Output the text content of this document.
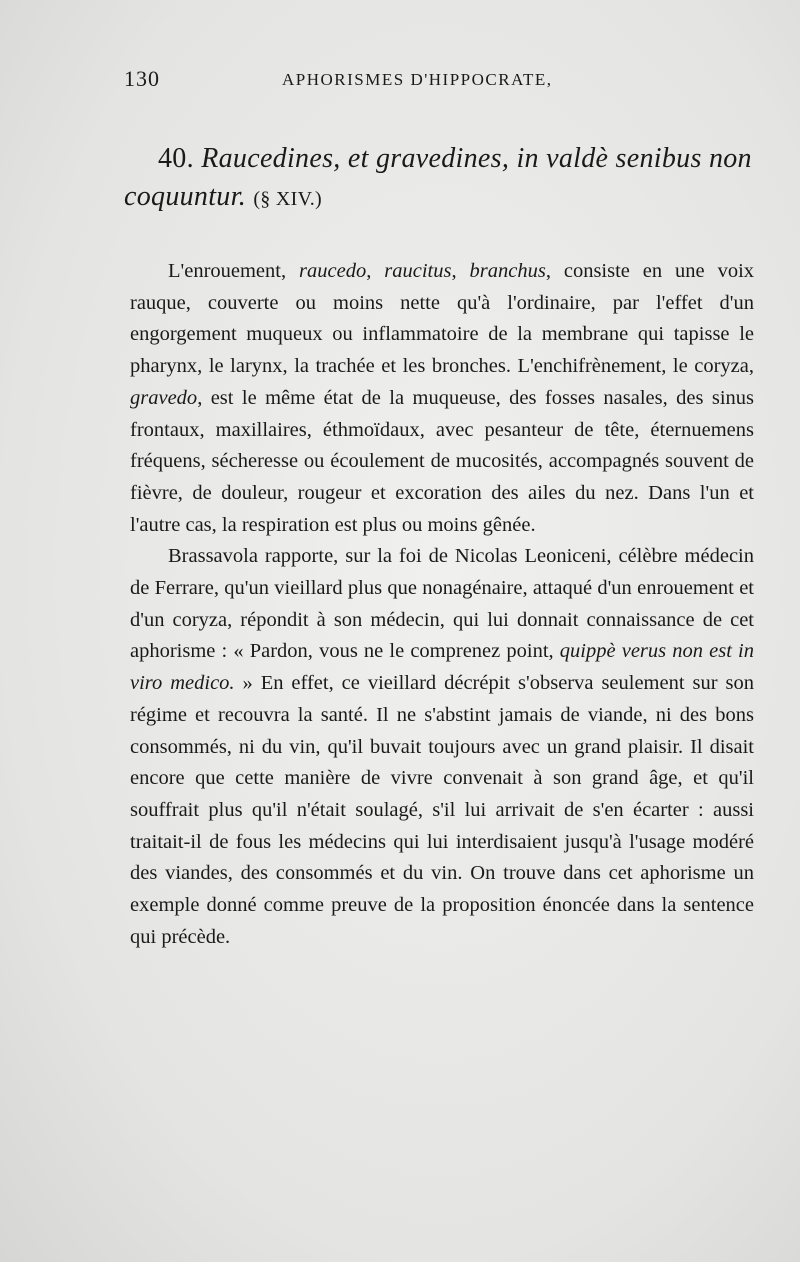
130	APHORISMES D'HIPPOCRATE,
40. Raucedines, et gravedines, in valdè senibus non coquuntur. (§ XIV.)

L'enrouement, raucedo, raucitus, branchus, consiste en une voix rauque, couverte ou moins nette qu'à l'ordinaire, par l'effet d'un engorgement muqueux ou inflammatoire de la membrane qui tapisse le pharynx, le larynx, la trachée et les bronches. L'enchifrènement, le coryza, gravedo, est le même état de la muqueuse, des fosses nasales, des sinus frontaux, maxillaires, éthmoïdaux, avec pesanteur de tête, éternuemens fréquens, sécheresse ou écoulement de mucosités, accompagnés souvent de fièvre, de douleur, rougeur et excoration des ailes du nez. Dans l'un et l'autre cas, la respiration est plus ou moins gênée.

Brassavola rapporte, sur la foi de Nicolas Leoniceni, célèbre médecin de Ferrare, qu'un vieillard plus que nonagénaire, attaqué d'un enrouement et d'un coryza, répondit à son médecin, qui lui donnait connaissance de cet aphorisme : « Pardon, vous ne le comprenez point, quippè verus non est in viro medico. » En effet, ce vieillard décrépit s'observa seulement sur son régime et recouvra la santé. Il ne s'abstint jamais de viande, ni des bons consommés, ni du vin, qu'il buvait toujours avec un grand plaisir. Il disait encore que cette manière de vivre convenait à son grand âge, et qu'il souffrait plus qu'il n'était soulagé, s'il lui arrivait de s'en écarter : aussi traitait-il de fous les médecins qui lui interdisaient jusqu'à l'usage modéré des viandes, des consommés et du vin. On trouve dans cet aphorisme un exemple donné comme preuve de la proposition énoncée dans la sentence qui précède.
